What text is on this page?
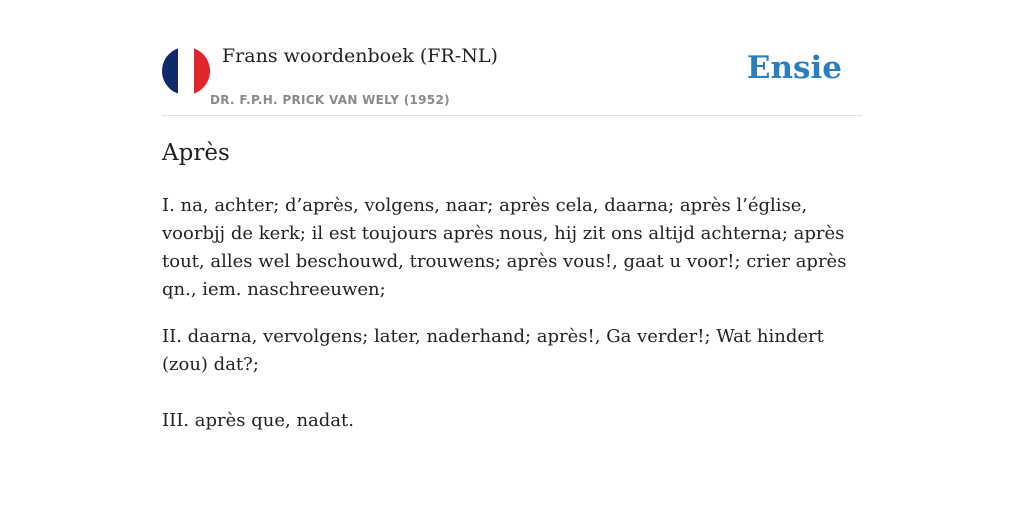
Frans woordenboek (FR-NL)
DR. F.P.H. PRICK VAN WELY (1952)
Ensie
Après

I. na, achter; d’après, volgens, naar; après cela, daarna; après l’église, voorbjj de kerk; il est toujours après nous, hij zit ons altijd achterna; après tout, alles wel beschouwd, trouwens; après vous!, gaat u voor!; crier après qn., iem. naschreeuwen;

II. daarna, vervolgens; later, naderhand; après!, Ga verder!; Wat hindert (zou) dat?;

III. après que, nadat.
